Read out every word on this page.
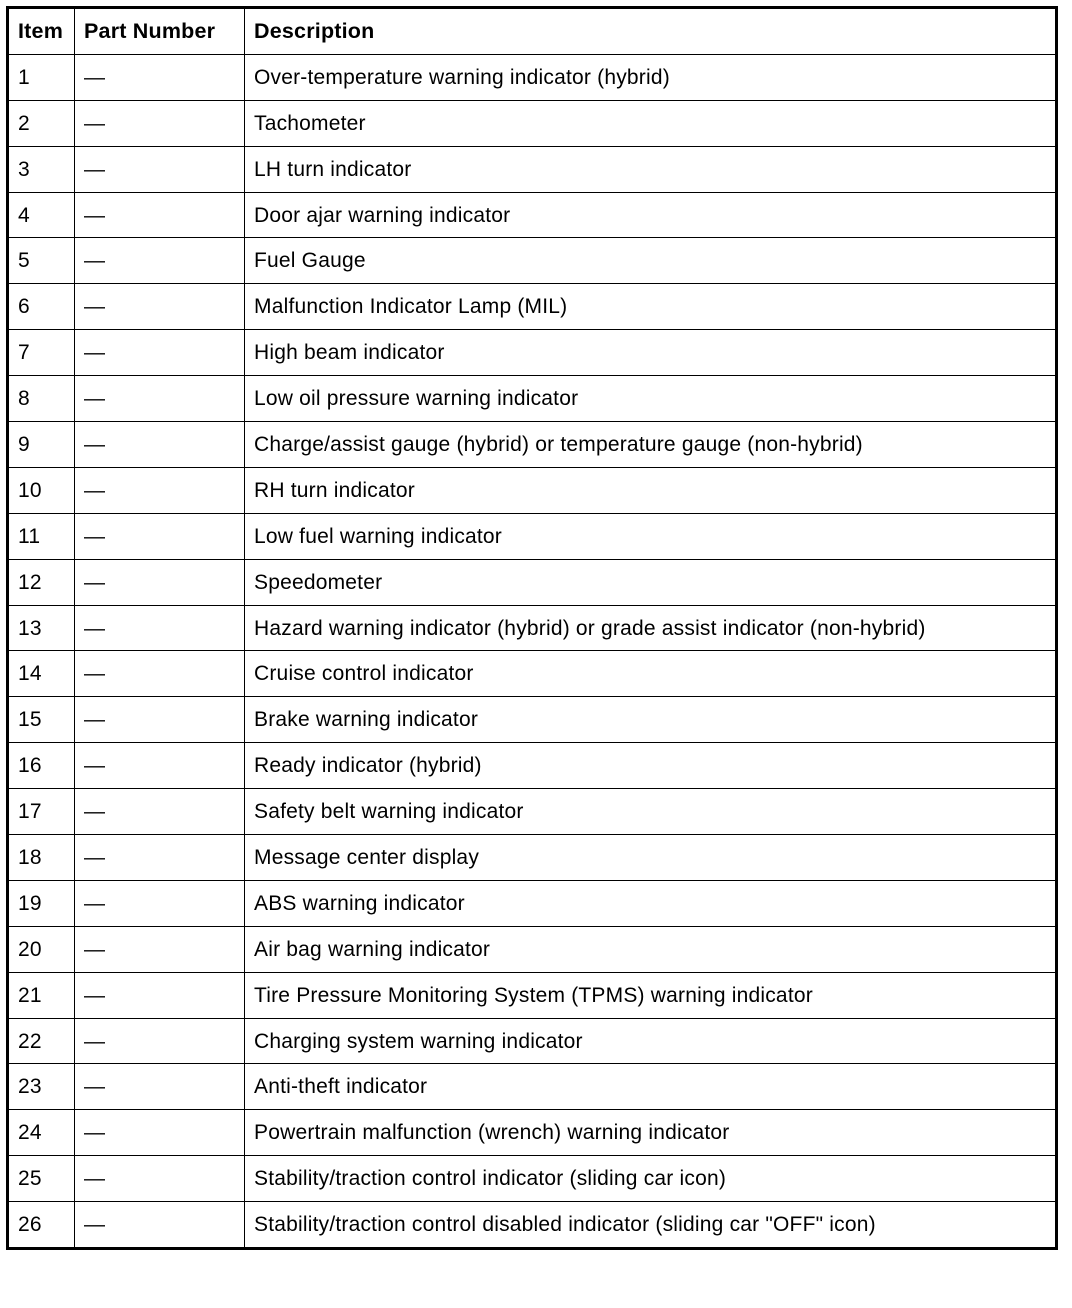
Item	Part Number	Description
1	—	Over-temperature warning indicator (hybrid)
2	—	Tachometer
3	—	LH turn indicator
4	—	Door ajar warning indicator
5	—	Fuel Gauge
6	—	Malfunction Indicator Lamp (MIL)
7	—	High beam indicator
8	—	Low oil pressure warning indicator
9	—	Charge/assist gauge (hybrid) or temperature gauge (non-hybrid)
10	—	RH turn indicator
11	—	Low fuel warning indicator
12	—	Speedometer
13	—	Hazard warning indicator (hybrid) or grade assist indicator (non-hybrid)
14	—	Cruise control indicator
15	—	Brake warning indicator
16	—	Ready indicator (hybrid)
17	—	Safety belt warning indicator
18	—	Message center display
19	—	ABS warning indicator
20	—	Air bag warning indicator
21	—	Tire Pressure Monitoring System (TPMS) warning indicator
22	—	Charging system warning indicator
23	—	Anti-theft indicator
24	—	Powertrain malfunction (wrench) warning indicator
25	—	Stability/traction control indicator (sliding car icon)
26	—	Stability/traction control disabled indicator (sliding car "OFF" icon)
